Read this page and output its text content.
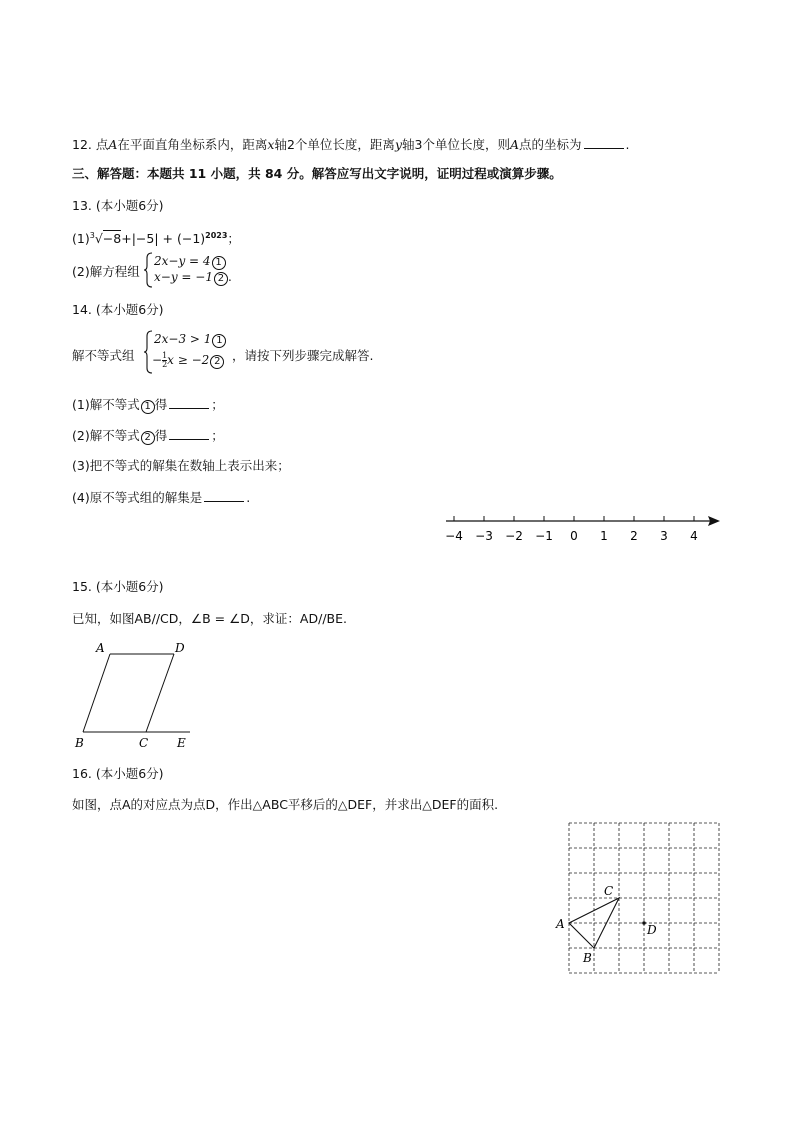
12. 点A在平面直角坐标系内，距离x轴2个单位长度，距离y轴3个单位长度，则A点的坐标为	.
三、解答题：本题共 11 小题，共 84 分。解答应写出文字说明，证明过程或演算步骤。
13. (本小题6分)
$(1)^3√-8+|-5| + (-1)^{2023}$；
(2)解方程组
2x−y = 4 1
x−y = −1 2 .
14. (本小题6分)
解不等式组
2x−3 > 1 1
− $\frac{1}{2}$ x ≥ −2 2 ，请按下列步骤完成解答.
(1)解不等式 1 得	；
(2)解不等式 2 得	；
(3)把不等式的解集在数轴上表示出来；
(4)原不等式组的解集是	.
−4 −3 −2 −1 0 1 2 3 4
15. (本小题6分)
已知，如图AB//CD，∠B = ∠D，求证：AD//BE.
A	D
B	C E
16. (本小题6分)
如图，点A的对应点为点D，作出△ABC平移后的△DEF，并求出△DEF的面积.
A
B
C
D
